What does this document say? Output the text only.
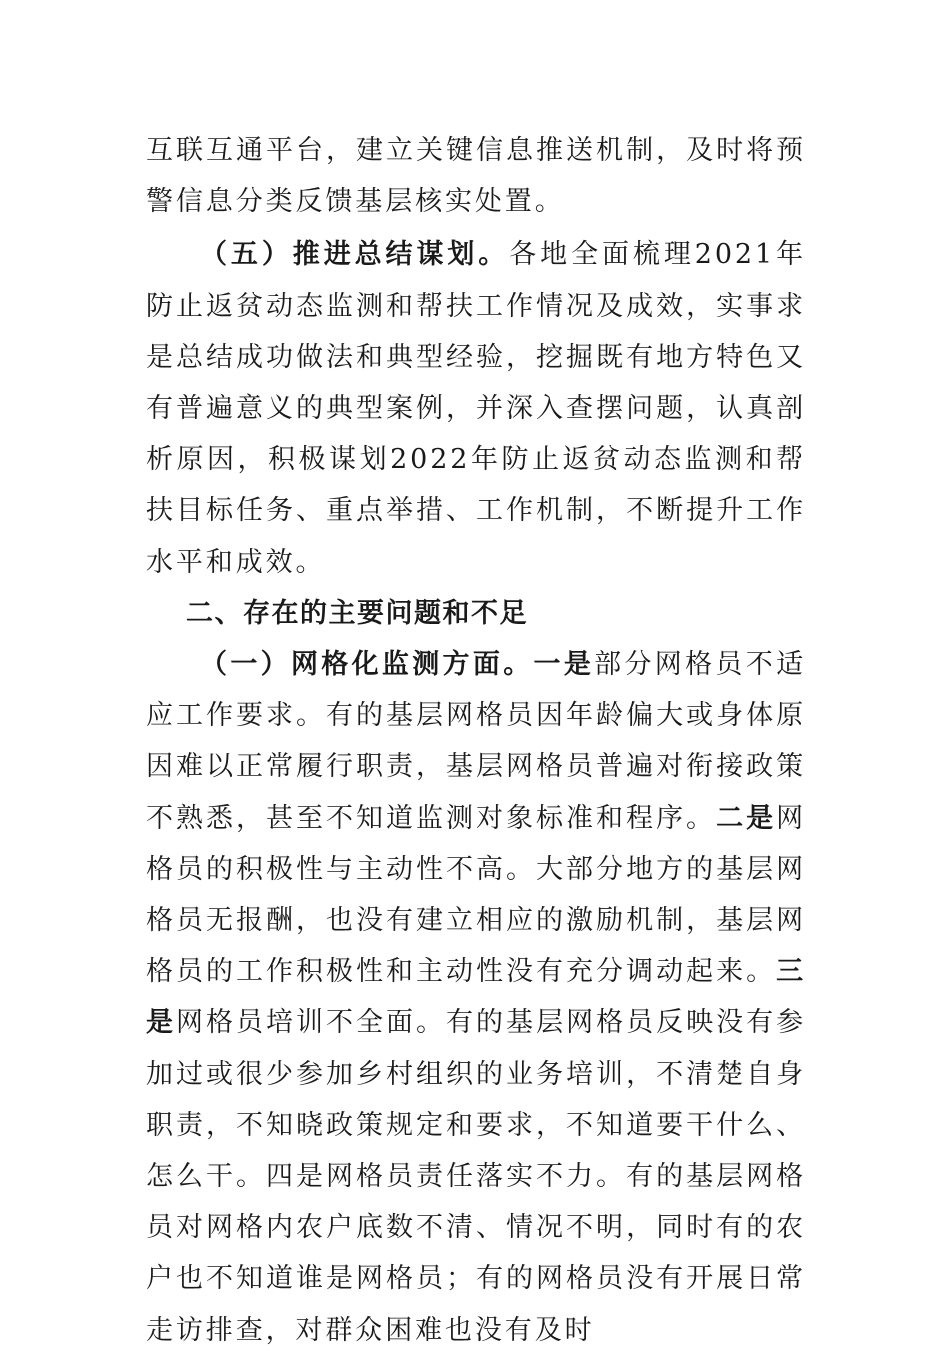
互联互通平台，建立关键信息推送机制，及时将预警信息分类反馈基层核实处置。

（五）推进总结谋划。各地全面梳理2021年防止返贫动态监测和帮扶工作情况及成效，实事求是总结成功做法和典型经验，挖掘既有地方特色又有普遍意义的典型案例，并深入查摆问题，认真剖析原因，积极谋划2022年防止返贫动态监测和帮扶目标任务、重点举措、工作机制，不断提升工作水平和成效。

二、存在的主要问题和不足

（一）网格化监测方面。一是部分网格员不适应工作要求。有的基层网格员因年龄偏大或身体原因难以正常履行职责，基层网格员普遍对衔接政策不熟悉，甚至不知道监测对象标准和程序。二是网格员的积极性与主动性不高。大部分地方的基层网格员无报酬，也没有建立相应的激励机制，基层网格员的工作积极性和主动性没有充分调动起来。三是网格员培训不全面。有的基层网格员反映没有参加过或很少参加乡村组织的业务培训，不清楚自身职责，不知晓政策规定和要求，不知道要干什么、怎么干。四是网格员责任落实不力。有的基层网格员对网格内农户底数不清、情况不明，同时有的农户也不知道谁是网格员；有的网格员没有开展日常走访排查，对群众困难也没有及时
